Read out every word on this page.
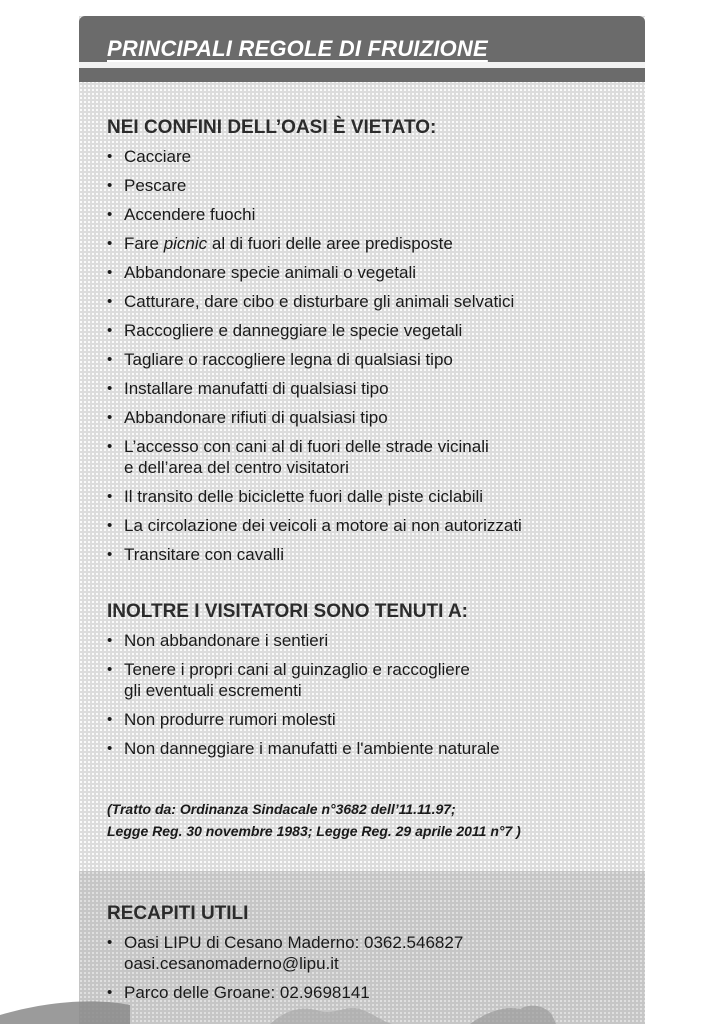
PRINCIPALI REGOLE DI FRUIZIONE
NEI CONFINI DELL’OASI È VIETATO:
• Cacciare
• Pescare
• Accendere fuochi
• Fare picnic al di fuori delle aree predisposte
• Abbandonare specie animali o vegetali
• Catturare, dare cibo e disturbare gli animali selvatici
• Raccogliere e danneggiare le specie vegetali
• Tagliare o raccogliere legna di qualsiasi tipo
• Installare manufatti di qualsiasi tipo
• Abbandonare rifiuti di qualsiasi tipo
• L’accesso con cani al di fuori delle strade vicinali
e dell’area del centro visitatori
• Il transito delle biciclette fuori dalle piste ciclabili
• La circolazione dei veicoli a motore ai non autorizzati
• Transitare con cavalli
INOLTRE I VISITATORI SONO TENUTI A:
• Non abbandonare i sentieri
• Tenere i propri cani al guinzaglio e raccogliere
gli eventuali escrementi
• Non produrre rumori molesti
• Non danneggiare i manufatti e l'ambiente naturale

(Tratto da: Ordinanza Sindacale n°3682 dell’11.11.97;
Legge Reg. 30 novembre 1983; Legge Reg. 29 aprile 2011 n°7 )

RECAPITI UTILI
• Oasi LIPU di Cesano Maderno: 0362.546827
oasi.cesanomaderno@lipu.it
• Parco delle Groane: 02.9698141
